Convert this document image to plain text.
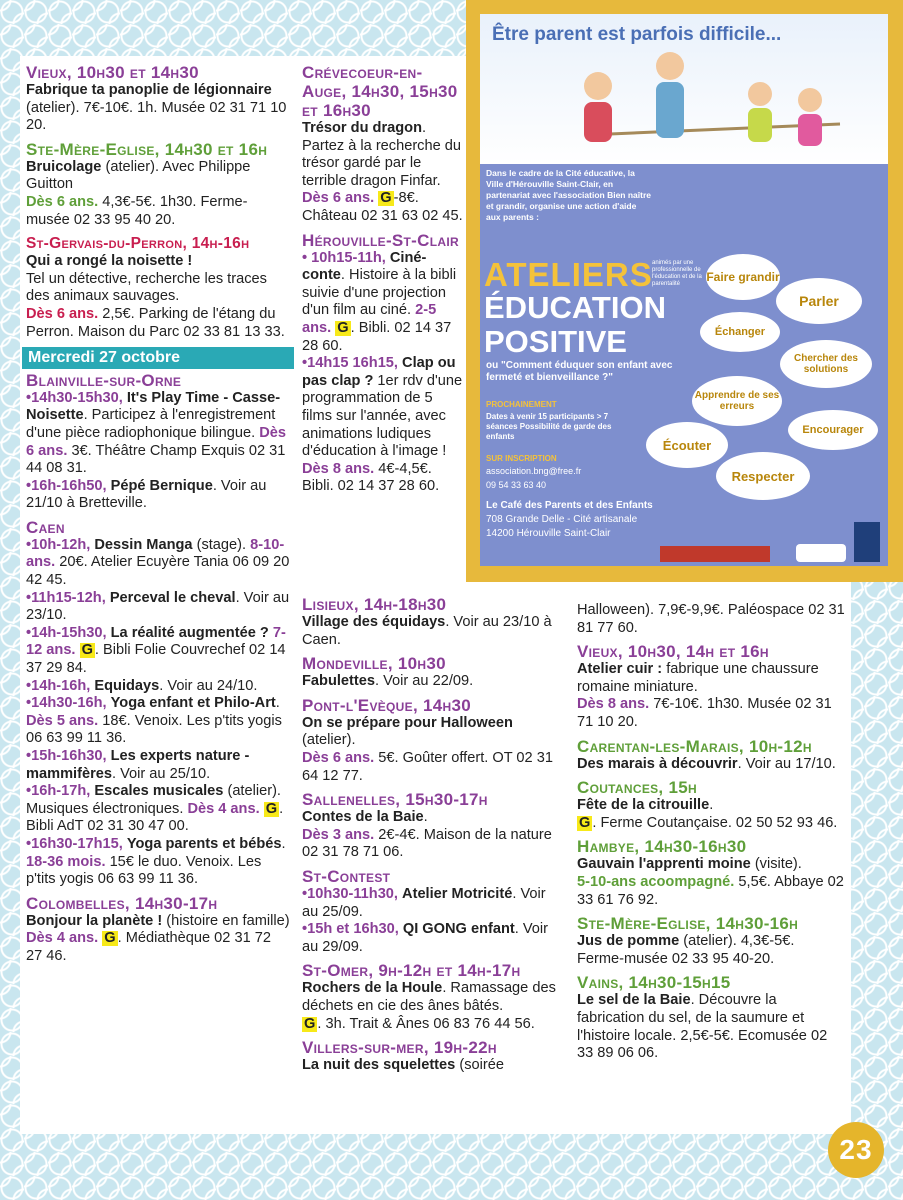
Vieux, 10h30 et 14h30

Fabrique ta panoplie de légionnaire (atelier). 7€-10€. 1h. Musée 02 31 71 10 20.

Ste-Mère-Eglise, 14h30 et 16h

Bruicolage (atelier). Avec Philippe Guitton
Dès 6 ans. 4,3€-5€. 1h30. Ferme-musée 02 33 95 40 20.

St-Gervais-du-Perron, 14h-16h

Qui a rongé la noisette !
Tel un détective, recherche les traces des animaux sauvages.
Dès 6 ans. 2,5€. Parking de l'étang du Perron. Maison du Parc 02 33 81 13 33.

Mercredi 27 octobre
Blainville-sur-Orne

•14h30-15h30, It's Play Time - Casse-Noisette. Participez à l'enregistrement d'une pièce radiophonique bilingue. Dès 6 ans. 3€. Théâtre Champ Exquis 02 31 44 08 31.

•16h-16h50, Pépé Bernique. Voir au 21/10 à Bretteville.

Caen

•10h-12h, Dessin Manga (stage). 8-10-ans. 20€. Atelier Ecuyère Tania 06 09 20 42 45.

•11h15-12h, Perceval le cheval. Voir au 23/10.

•14h-15h30, La réalité augmentée ? 7-12 ans. G . Bibli Folie Couvrechef 02 14 37 29 84.

•14h-16h, Equidays. Voir au 24/10.

•14h30-16h, Yoga enfant et Philo-Art. Dès 5 ans. 18€. Venoix. Les p'tits yogis 06 63 99 11 36.

•15h-16h30, Les experts nature - mammifères. Voir au 25/10.

•16h-17h, Escales musicales (atelier). Musiques électroniques. Dès 4 ans. G . Bibli AdT 02 31 30 47 00.

•16h30-17h15, Yoga parents et bébés. 18-36 mois. 15€ le duo. Venoix. Les p'tits yogis 06 63 99 11 36.

Colombelles, 14h30-17h

Bonjour la planète ! (histoire en famille)
Dès 4 ans. G . Médiathèque 02 31 72 27 46.

Crévecoeur-en-Auge, 14h30, 15h30 et 16h30

Trésor du dragon. Partez à la recherche du trésor gardé par le terrible dragon Finfar.
Dès 6 ans. G -8€. Château 02 31 63 02 45.

Hérouville-St-Clair

• 10h15-11h, Ciné-conte. Histoire à la bibli suivie d'une projection d'un film au ciné. 2-5 ans. G . Bibli. 02 14 37 28 60.

•14h15 16h15, Clap ou pas clap ? 1er rdv d'une programmation de 5 films sur l'année, avec animations ludiques d'éducation à l'image ! Dès 8 ans. 4€-4,5€. Bibli. 02 14 37 28 60.

Lisieux, 14h-18h30

Village des équidays. Voir au 23/10 à Caen.

Mondeville, 10h30

Fabulettes. Voir au 22/09.

Pont-l'Evèque, 14h30

On se prépare pour Halloween (atelier).
Dès 6 ans. 5€. Goûter offert. OT 02 31 64 12 77.

Sallenelles, 15h30-17h

Contes de la Baie.
Dès 3 ans. 2€-4€. Maison de la nature 02 31 78 71 06.

St-Contest

•10h30-11h30, Atelier Motricité. Voir au 25/09.

•15h et 16h30, QI GONG enfant. Voir au 29/09.

St-Omer, 9h-12h et 14h-17h

Rochers de la Houle. Ramassage des déchets en cie des ânes bâtés.
G . 3h. Trait & Ânes 06 83 76 44 56.

Villers-sur-mer, 19h-22h

La nuit des squelettes (soirée

Halloween). 7,9€-9,9€. Paléospace 02 31 81 77 60.

Vieux, 10h30, 14h et 16h

Atelier cuir : fabrique une chaussure romaine miniature.
Dès 8 ans. 7€-10€. 1h30. Musée 02 31 71 10 20.

Carentan-les-Marais, 10h-12h

Des marais à découvrir. Voir au 17/10.

Coutances, 15h

Fête de la citrouille.
G . Ferme Coutançaise. 02 50 52 93 46.

Hambye, 14h30-16h30

Gauvain l'apprenti moine (visite).
5-10-ans acoompagné. 5,5€. Abbaye 02 33 61 76 92.

Ste-Mère-Eglise, 14h30-16h

Jus de pomme (atelier). 4,3€-5€. Ferme-musée 02 33 95 40-20.

Vains, 14h30-15h15

Le sel de la Baie. Découvre la fabrication du sel, de la saumure et l'histoire locale. 2,5€-5€. Ecomusée 02 33 89 06 06.

Être parent est parfois difficile...
Dans le cadre de la Cité éducative, la Ville d'Hérouville Saint-Clair, en partenariat avec l'association Bien naître et grandir, organise une action d'aide aux parents :
ATELIERS animés par une professionnelle de l'éducation et de la parentalité
ÉDUCATION
POSITIVE
ou "Comment éduquer son enfant avec fermeté et bienveillance ?"
PROCHAINEMENT
Dates à venir 15 participants > 7 séances Possibilité de garde des enfants
SUR INSCRIPTION
association.bng@free.fr
09 54 33 63 40
Le Café des Parents et des Enfants
708 Grande Delle - Cité artisanale
14200 Hérouville Saint-Clair
Faire grandir
Parler
Échanger
Chercher des solutions
Apprendre de ses erreurs
Encourager
Écouter
Respecter
23
